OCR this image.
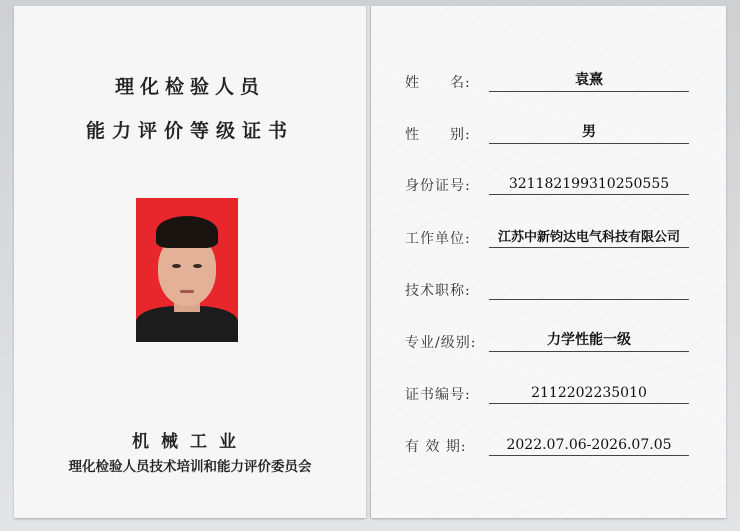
理化检验人员
能力评价等级证书
机械工业
理化检验人员技术培训和能力评价委员会
姓　　名:	袁熹
性　　别:	男
身份证号:	321182199310250555
工作单位:	江苏中新钧达电气科技有限公司
技术职称:
专业/级别:	力学性能一级
证书编号:	2112202235010
有 效 期:	2022.07.06-2026.07.05
